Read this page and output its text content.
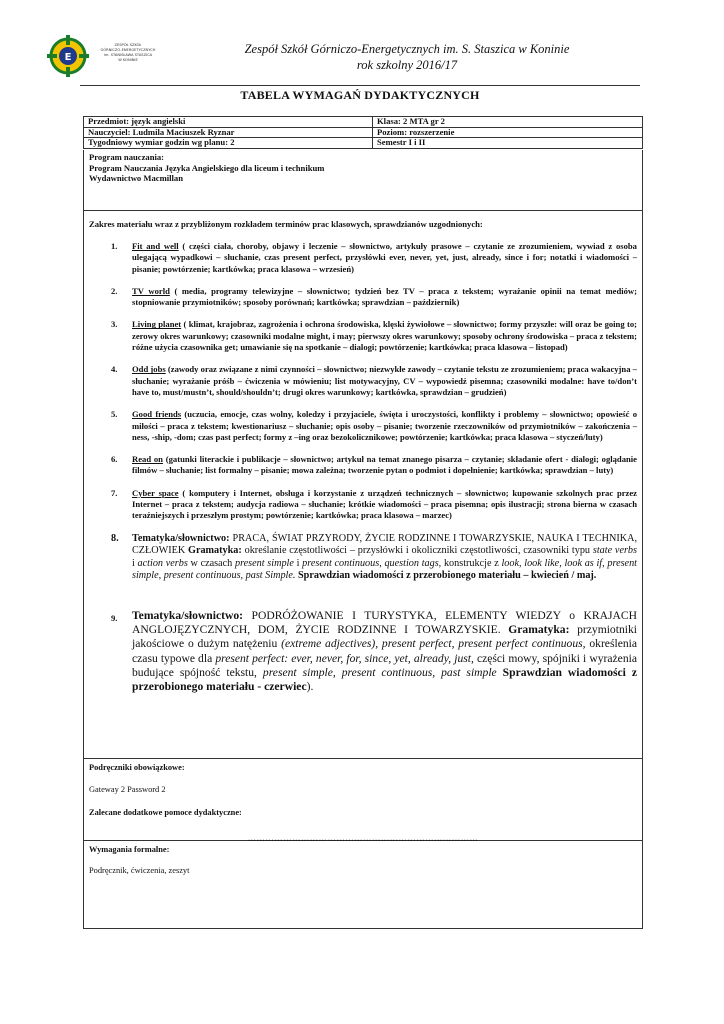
E
ZESPÓŁ SZKÓŁ
GÓRNICZO-ENERGETYCZNYCH
im. STANISŁAWA STASZICA
W KONINIE
Zespół Szkół Górniczo-Energetycznych im. S. Staszica w Koninie
rok szkolny 2016/17
TABELA WYMAGAŃ DYDAKTYCZNYCH
Przedmiot: język angielski	Klasa: 2 MTA gr 2
Nauczyciel: Ludmila Maciuszek Ryznar	Poziom: rozszerzenie
Tygodniowy wymiar godzin wg planu: 2	Semestr I i II
Program nauczania:
Program Nauczania Języka Angielskiego dla liceum i technikum
Wydawnictwo Macmillan
Zakres materiału wraz z przybliżonym rozkładem terminów prac klasowych, sprawdzianów uzgodnionych:
1. Fit and well ( części ciała, choroby, objawy i leczenie – słownictwo, artykuły prasowe – czytanie ze zrozumieniem, wywiad z osoba ulegającą wypadkowi – słuchanie, czas present perfect, przysłówki ever, never, yet, just, already, since i for; notatki i wiadomości – pisanie; powtórzenie; kartkówka; praca klasowa – wrzesień)
2. TV world ( media, programy telewizyjne – słownictwo; tydzień bez TV – praca z tekstem; wyrażanie opinii na temat mediów; stopniowanie przymiotników; sposoby porównań; kartkówka; sprawdzian – październik)
3. Living planet ( klimat, krajobraz, zagrożenia i ochrona środowiska, klęski żywiołowe – słownictwo; formy przyszłe: will oraz be going to; zerowy okres warunkowy; czasowniki modalne might, i may; pierwszy okres warunkowy; sposoby ochrony środowiska – praca z tekstem; różne użycia czasownika get; umawianie się na spotkanie – dialogi; powtórzenie; kartkówka; praca klasowa – listopad)
4. Odd jobs (zawody oraz związane z nimi czynności – słownictwo; niezwykłe zawody – czytanie tekstu ze zrozumieniem; praca wakacyjna – słuchanie; wyrażanie próśb – ćwiczenia w mówieniu; list motywacyjny, CV – wypowiedź pisemna; czasowniki modalne: have to/don’t have to, must/mustn’t, should/shouldn’t; drugi okres warunkowy; kartkówka, sprawdzian – grudzień)
5. Good friends (uczucia, emocje, czas wolny, koledzy i przyjaciele, święta i uroczystości, konflikty i problemy – słownictwo; opowieść o miłości – praca z tekstem; kwestionariusz – słuchanie; opis osoby – pisanie; tworzenie rzeczowników od przymiotników – zakończenia –ness, -ship, -dom; czas past perfect; formy z –ing oraz bezokolicznikowe; powtórzenie; kartkówka; praca klasowa – styczeń/luty)
6. Read on (gatunki literackie i publikacje – słownictwo; artykuł na temat znanego pisarza – czytanie; składanie ofert - dialogi; oglądanie filmów – słuchanie; list formalny – pisanie; mowa zależna; tworzenie pytan o podmiot i dopełnienie; kartkówka; sprawdzian – luty)
7. Cyber space ( komputery i Internet, obsługa i korzystanie z urządzeń technicznych – słownictwo; kupowanie szkolnych prac przez Internet – praca z tekstem; audycja radiowa – słuchanie; krótkie wiadomości – praca pisemna; opis ilustracji; strona bierna w czasach teraźniejszych i przeszłym prostym; powtórzenie; kartkówka; praca klasowa – marzec)
8. Tematyka/słownictwo: PRACA, ŚWIAT PRZYRODY, ŻYCIE RODZINNE I TOWARZYSKIE, NAUKA I TECHNIKA, CZŁOWIEK Gramatyka: określanie częstotliwości – przysłówki i okoliczniki częstotliwości, czasowniki typu state verbs i action verbs w czasach present simple i present continuous, question tags, konstrukcje z look, look like, look as if, present simple, present continuous, past Simple. Sprawdzian wiadomości z przerobionego materiału – kwiecień / maj.
9. Tematyka/słownictwo: PODRÓŻOWANIE I TURYSTYKA, ELEMENTY WIEDZY o KRAJACH ANGLOJĘZYCZNYCH, DOM, ŻYCIE RODZINNE I TOWARZYSKIE. Gramatyka: przymiotniki jakościowe o dużym natężeniu (extreme adjectives), present perfect, present perfect continuous, określenia czasu typowe dla present perfect: ever, never, for, since, yet, already, just, części mowy, spójniki i wyrażenia budujące spójność tekstu, present simple, present continuous, past simple Sprawdzian wiadomości z przerobionego materiału - czerwiec).
Podręczniki obowiązkowe:
Gateway 2 Password 2
Zalecane dodatkowe pomoce dydaktyczne:
……………………………………………………………………
Wymagania formalne:
Podręcznik, ćwiczenia, zeszyt
